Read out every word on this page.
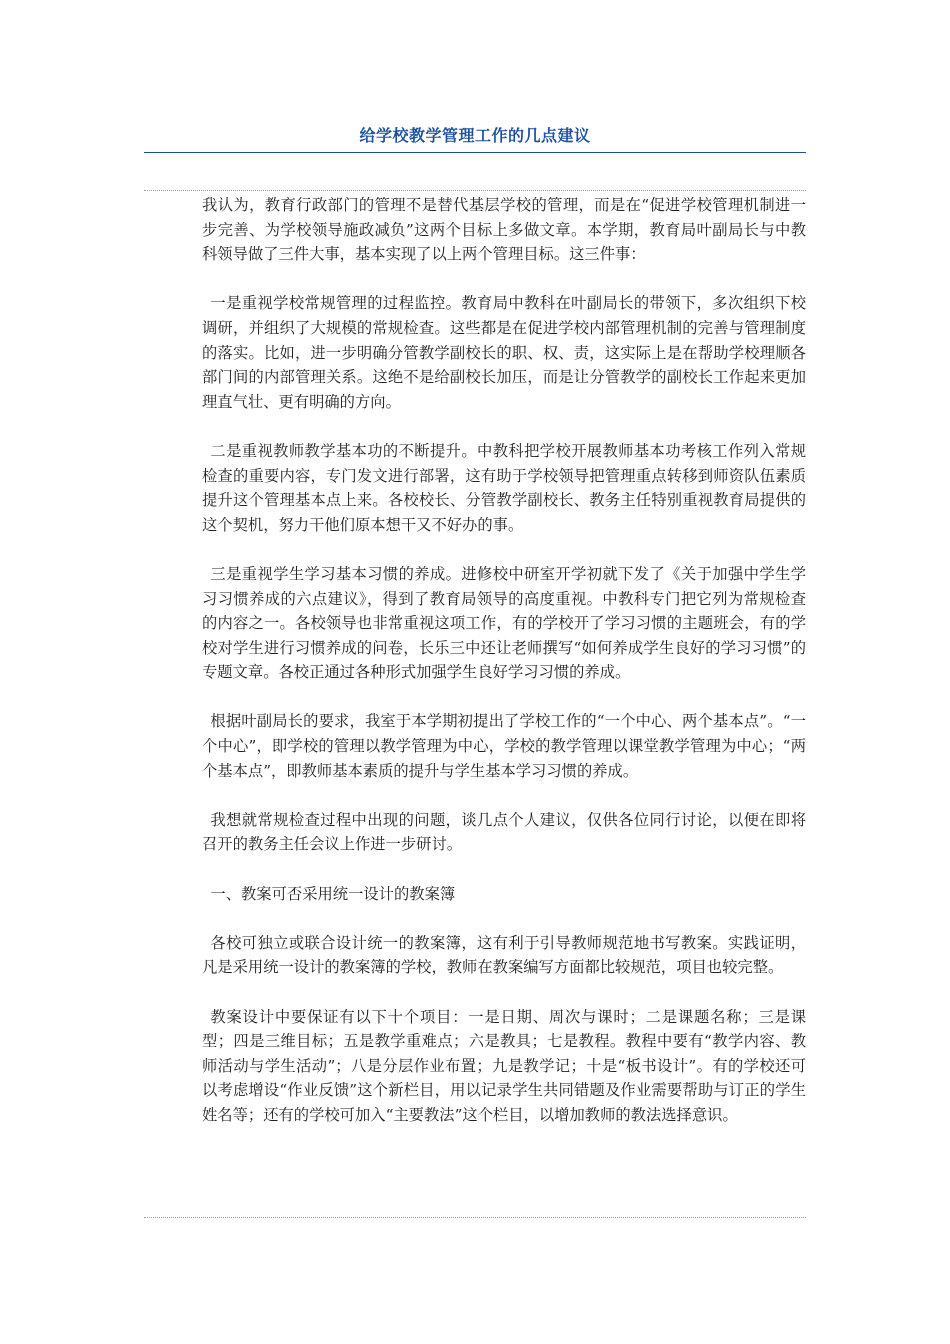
给学校教学管理工作的几点建议

我认为，教育行政部门的管理不是替代基层学校的管理，而是在“促进学校管理机制进一步完善、为学校领导施政减负”这两个目标上多做文章。本学期，教育局叶副局长与中教科领导做了三件大事，基本实现了以上两个管理目标。这三件事：

一是重视学校常规管理的过程监控。教育局中教科在叶副局长的带领下，多次组织下校调研，并组织了大规模的常规检查。这些都是在促进学校内部管理机制的完善与管理制度的落实。比如，进一步明确分管教学副校长的职、权、责，这实际上是在帮助学校理顺各部门间的内部管理关系。这绝不是给副校长加压，而是让分管教学的副校长工作起来更加理直气壮、更有明确的方向。

二是重视教师教学基本功的不断提升。中教科把学校开展教师基本功考核工作列入常规检查的重要内容，专门发文进行部署，这有助于学校领导把管理重点转移到师资队伍素质提升这个管理基本点上来。各校校长、分管教学副校长、教务主任特别重视教育局提供的这个契机，努力干他们原本想干又不好办的事。

三是重视学生学习基本习惯的养成。进修校中研室开学初就下发了《关于加强中学生学习习惯养成的六点建议》，得到了教育局领导的高度重视。中教科专门把它列为常规检查的内容之一。各校领导也非常重视这项工作，有的学校开了学习习惯的主题班会，有的学校对学生进行习惯养成的问卷，长乐三中还让老师撰写“如何养成学生良好的学习习惯”的专题文章。各校正通过各种形式加强学生良好学习习惯的养成。

根据叶副局长的要求，我室于本学期初提出了学校工作的“一个中心、两个基本点”。“一个中心”，即学校的管理以教学管理为中心，学校的教学管理以课堂教学管理为中心；“两个基本点”，即教师基本素质的提升与学生基本学习习惯的养成。

我想就常规检查过程中出现的问题，谈几点个人建议，仅供各位同行讨论，以便在即将召开的教务主任会议上作进一步研讨。

一、教案可否采用统一设计的教案簿

各校可独立或联合设计统一的教案簿，这有利于引导教师规范地书写教案。实践证明，凡是采用统一设计的教案簿的学校，教师在教案编写方面都比较规范，项目也较完整。

教案设计中要保证有以下十个项目：一是日期、周次与课时；二是课题名称；三是课型；四是三维目标；五是教学重难点；六是教具；七是教程。教程中要有“教学内容、教师活动与学生活动”；八是分层作业布置；九是教学记；十是“板书设计”。有的学校还可以考虑增设“作业反馈”这个新栏目，用以记录学生共同错题及作业需要帮助与订正的学生姓名等；还有的学校可加入“主要教法”这个栏目，以增加教师的教法选择意识。
